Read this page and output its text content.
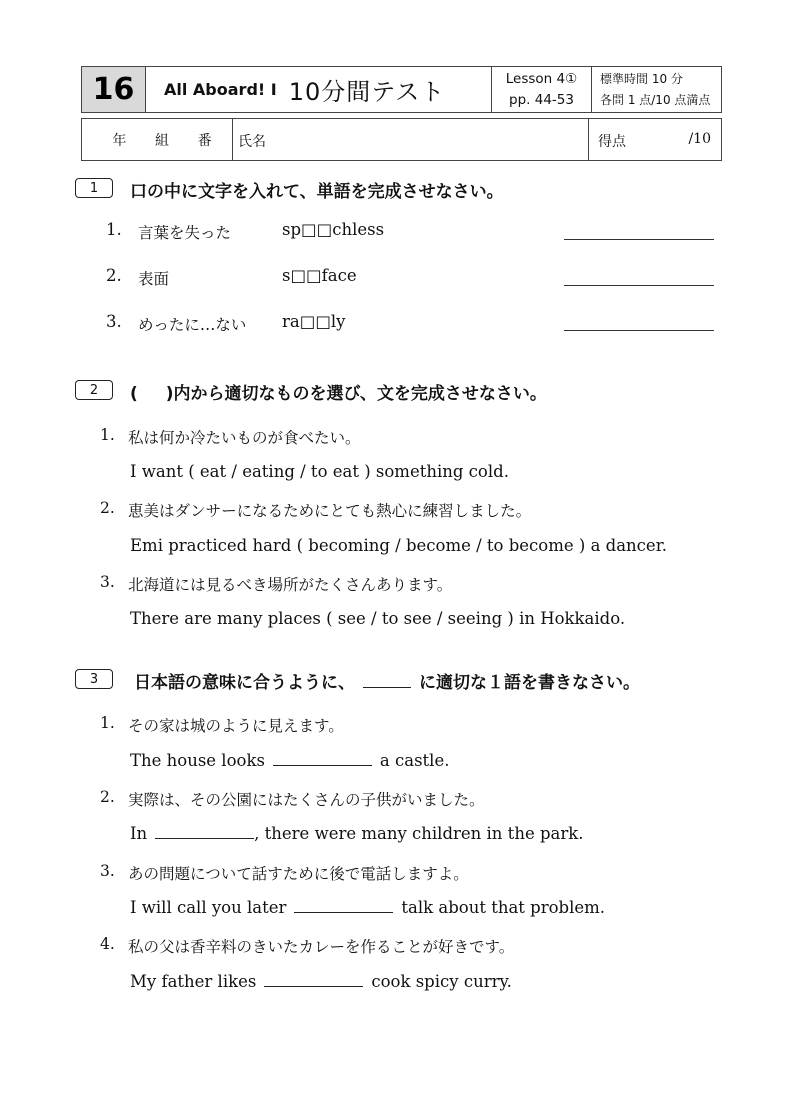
16	All Aboard! Ⅰ 10分間テスト	Lesson 4①
pp. 44-53
標準時間 10 分
各問 1 点/10 点満点
年 組 番	氏名	得点	/10
1 口の中に文字を入れて、単語を完成させなさい。
1. 言葉を失った	sp□□chless
2. 表面	s□□face
3. めったに…ない ra□□ly
2 ( )内から適切なものを選び、文を完成させなさい。
1. 私は何か冷たいものが食べたい。
I want ( eat / eating / to eat ) something cold.
2. 恵美はダンサーになるためにとても熱心に練習しました。
Emi practiced hard ( becoming / become / to become ) a dancer.
3. 北海道には見るべき場所がたくさんあります。
There are many places ( see / to see / seeing ) in Hokkaido.
3 日本語の意味に合うように、	に適切な１語を書きなさい。
1. その家は城のように見えます。
The house looks	a castle.
2. 実際は、その公園にはたくさんの子供がいました。
In	, there were many children in the park.
3. あの問題について話すために後で電話しますよ。
I will call you later	talk about that problem.
4. 私の父は香辛料のきいたカレーを作ることが好きです。
My father likes	cook spicy curry.
